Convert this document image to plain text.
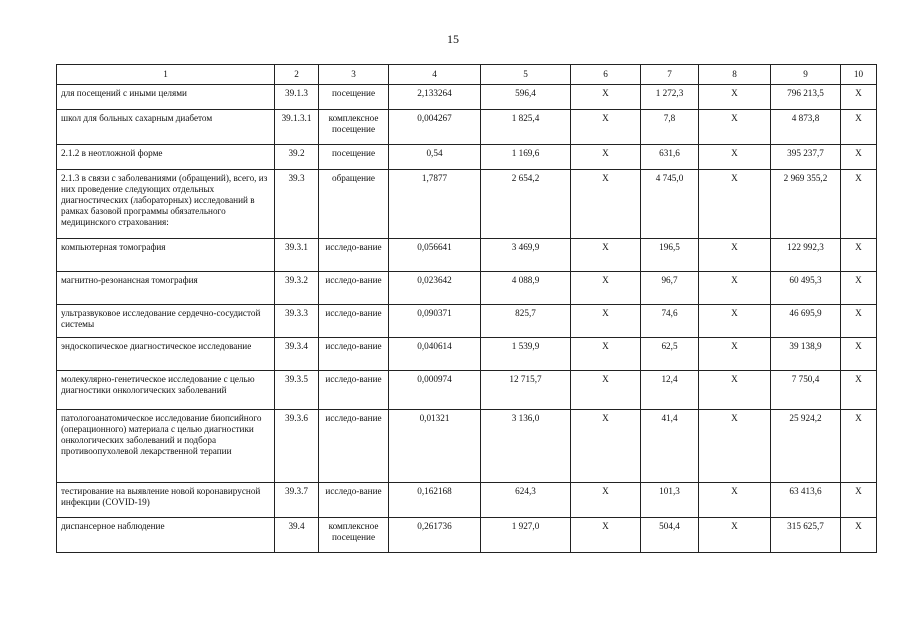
15
1	2	3	4	5	6	7	8	9	10
для посещений с иными целями	39.1.3	посещение	2,133264	596,4	X	1 272,3	X	796 213,5	X
школ для больных сахарным диабетом	39.1.3.1	комплексное посещение	0,004267	1 825,4	X	7,8	X	4 873,8	X
2.1.2 в неотложной форме	39.2	посещение	0,54	1 169,6	X	631,6	X	395 237,7	X
2.1.3 в связи с заболеваниями (обращений), всего, из них проведение следующих отдельных диагностических (лабораторных) исследований в рамках базовой программы обязательного медицинского страхования:	39.3	обращение	1,7877	2 654,2	X	4 745,0	X	2 969 355,2	X
компьютерная томография	39.3.1	исследо-вание	0,056641	3 469,9	X	196,5	X	122 992,3	X
магнитно-резонансная томография	39.3.2	исследо-вание	0,023642	4 088,9	X	96,7	X	60 495,3	X
ультразвуковое исследование сердечно-сосудистой системы	39.3.3	исследо-вание	0,090371	825,7	X	74,6	X	46 695,9	X
эндоскопическое диагностическое исследование	39.3.4	исследо-вание	0,040614	1 539,9	X	62,5	X	39 138,9	X
молекулярно-генетическое исследование с целью диагностики онкологических заболеваний	39.3.5	исследо-вание	0,000974	12 715,7	X	12,4	X	7 750,4	X
патологоанатомическое исследование биопсийного (операционного) материала с целью диагностики онкологических заболеваний и подбора противоопухолевой лекарственной терапии	39.3.6	исследо-вание	0,01321	3 136,0	X	41,4	X	25 924,2	X
тестирование на выявление новой коронавирусной инфекции (COVID-19)	39.3.7	исследо-вание	0,162168	624,3	X	101,3	X	63 413,6	X
диспансерное наблюдение	39.4	комплексное посещение	0,261736	1 927,0	X	504,4	X	315 625,7	X
